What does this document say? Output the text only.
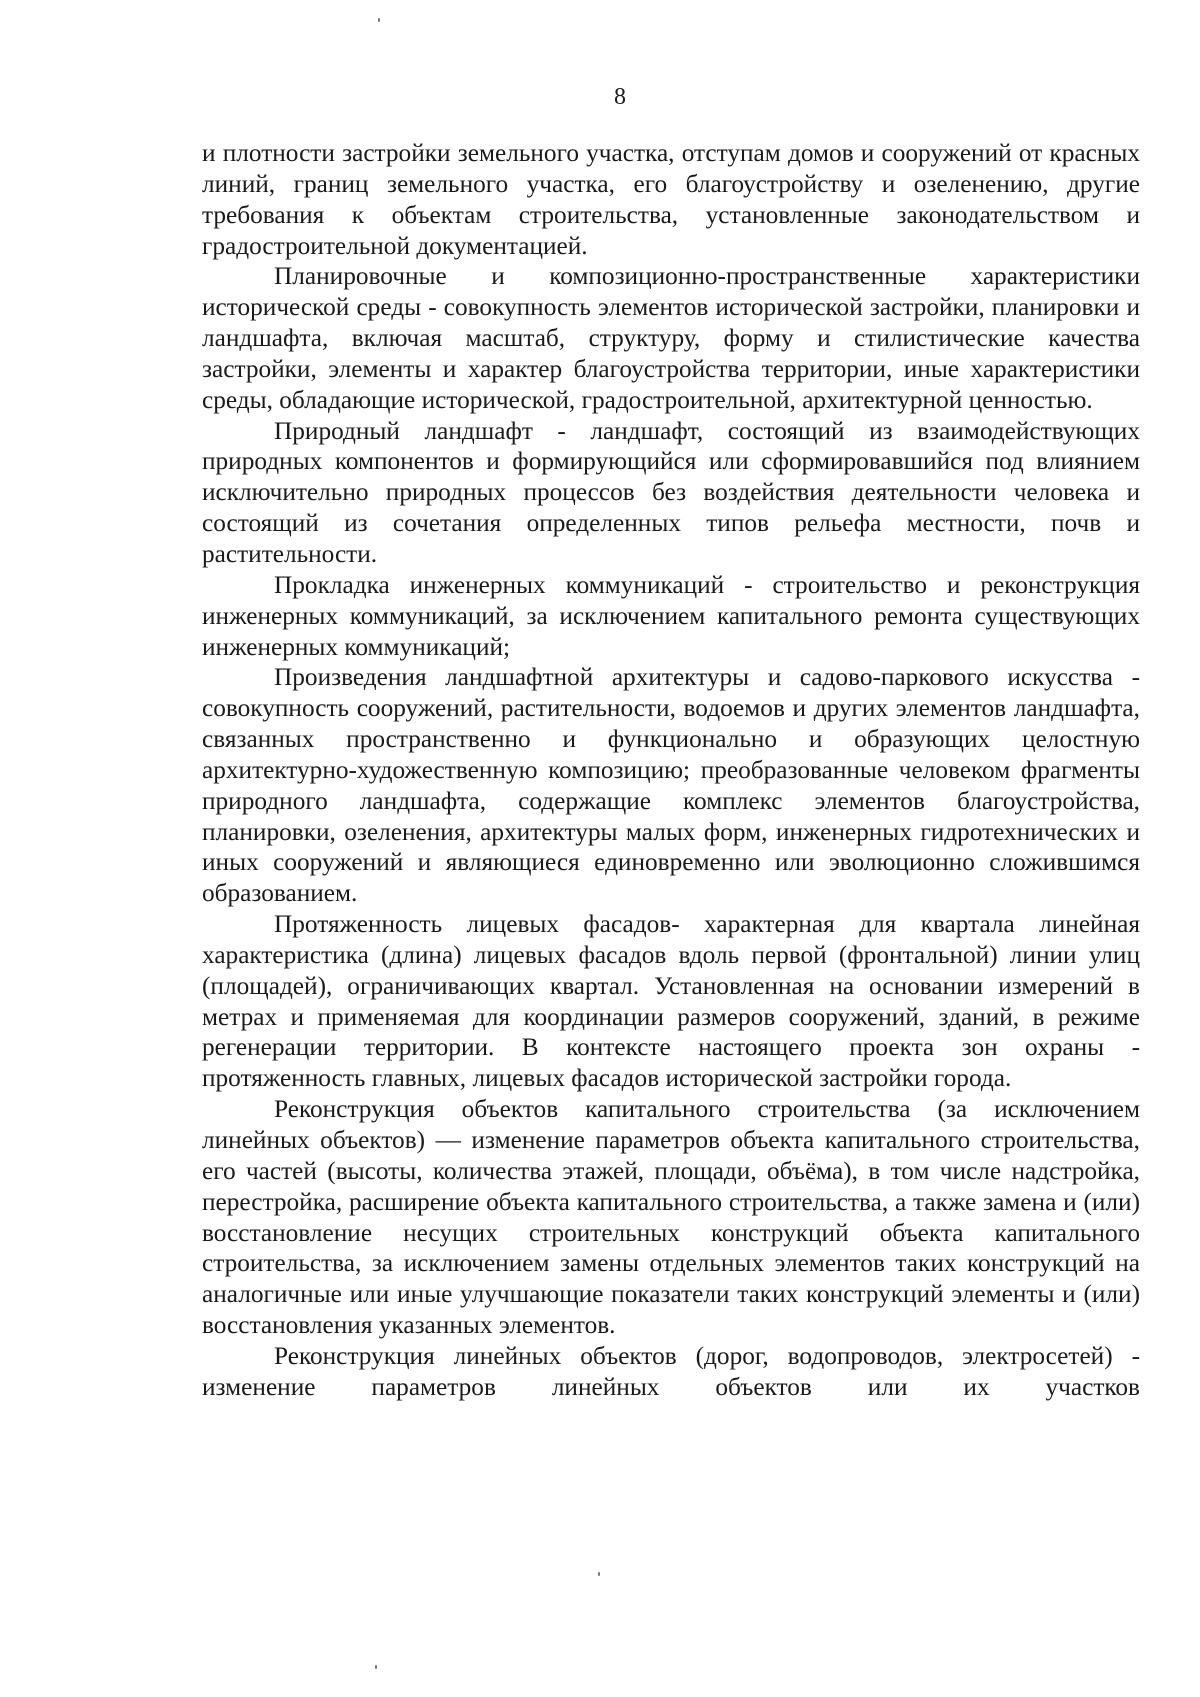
8

и плотности застройки земельного участка, отступам домов и сооружений от красных линий, границ земельного участка, его благоустройству и озеленению, другие требования к объектам строительства, установленные законодательством и градостроительной документацией.

Планировочные и композиционно-пространственные характеристики исторической среды - совокупность элементов исторической застройки, планировки и ландшафта, включая масштаб, структуру, форму и стилистические качества застройки, элементы и характер благоустройства территории, иные характеристики среды, обладающие исторической, градостроительной, архитектурной ценностью.

Природный ландшафт - ландшафт, состоящий из взаимодействующих природных компонентов и формирующийся или сформировавшийся под влиянием исключительно природных процессов без воздействия деятельности человека и состоящий из сочетания определенных типов рельефа местности, почв и растительности.

Прокладка инженерных коммуникаций - строительство и реконструкция инженерных коммуникаций, за исключением капитального ремонта существующих инженерных коммуникаций;

Произведения ландшафтной архитектуры и садово-паркового искусства - совокупность сооружений, растительности, водоемов и других элементов ландшафта, связанных пространственно и функционально и образующих целостную архитектурно-художественную композицию; преобразованные человеком фрагменты природного ландшафта, содержащие комплекс элементов благоустройства, планировки, озеленения, архитектуры малых форм, инженерных гидротехнических и иных сооружений и являющиеся единовременно или эволюционно сложившимся образованием.

Протяженность лицевых фасадов- характерная для квартала линейная характеристика (длина) лицевых фасадов вдоль первой (фронтальной) линии улиц (площадей), ограничивающих квартал. Установленная на основании измерений в метрах и применяемая для координации размеров сооружений, зданий, в режиме регенерации территории. В контексте настоящего проекта зон охраны - протяженность главных, лицевых фасадов исторической застройки города.

Реконструкция объектов капитального строительства (за исключением линейных объектов) — изменение параметров объекта капитального строительства, его частей (высоты, количества этажей, площади, объёма), в том числе надстройка, перестройка, расширение объекта капитального строительства, а также замена и (или) восстановление несущих строительных конструкций объекта капитального строительства, за исключением замены отдельных элементов таких конструкций на аналогичные или иные улучшающие показатели таких конструкций элементы и (или) восстановления указанных элементов.

Реконструкция линейных объектов (дорог, водопроводов, электросетей) - изменение параметров линейных объектов или их участков
